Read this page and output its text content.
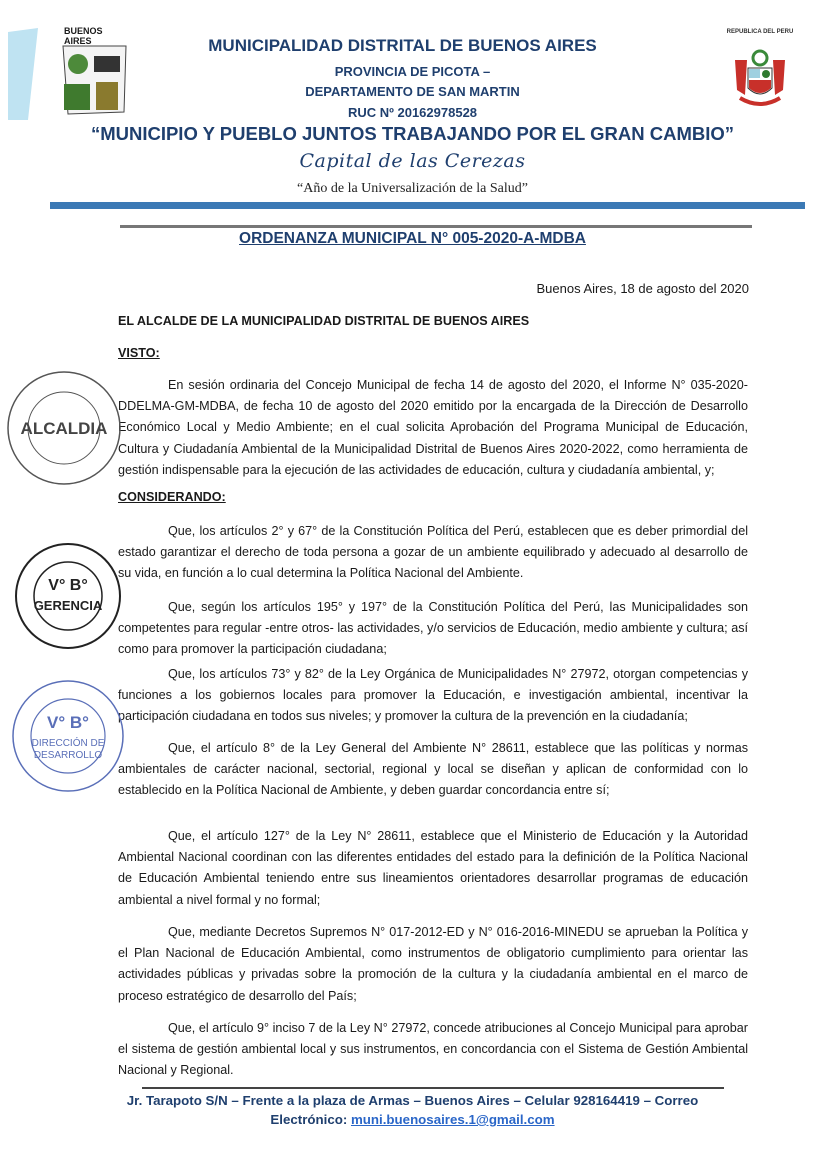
BUENOS AIRES
REPUBLICA DEL PERU
MUNICIPALIDAD DISTRITAL DE BUENOS AIRES
PROVINCIA DE PICOTA –
DEPARTAMENTO DE SAN MARTIN
RUC Nº 20162978528
“MUNICIPIO Y PUEBLO JUNTOS TRABAJANDO POR EL GRAN CAMBIO”
Capital de las Cerezas
“Año de la Universalización de la Salud”
ORDENANZA MUNICIPAL N° 005-2020-A-MDBA
Buenos Aires, 18 de agosto del 2020
EL ALCALDE DE LA MUNICIPALIDAD DISTRITAL DE BUENOS AIRES
VISTO:
En sesión ordinaria del Concejo Municipal de fecha 14 de agosto del 2020, el Informe N° 035-2020-DDELMA-GM-MDBA, de fecha 10 de agosto del 2020 emitido por la encargada de la Dirección de Desarrollo Económico Local y Medio Ambiente; en el cual solicita Aprobación del Programa Municipal de Educación, Cultura y Ciudadanía Ambiental de la Municipalidad Distrital de Buenos Aires 2020-2022, como herramienta de gestión indispensable para la ejecución de las actividades de educación, cultura y ciudadanía ambiental, y;
CONSIDERANDO:
Que, los artículos 2° y 67° de la Constitución Política del Perú, establecen que es deber primordial del estado garantizar el derecho de toda persona a gozar de un ambiente equilibrado y adecuado al desarrollo de su vida, en función a lo cual determina la Política Nacional del Ambiente.
Que, según los artículos 195° y 197° de la Constitución Política del Perú, las Municipalidades son competentes para regular -entre otros- las actividades, y/o servicios de Educación, medio ambiente y cultura; así como para promover la participación ciudadana;
Que, los artículos 73° y 82° de la Ley Orgánica de Municipalidades N° 27972, otorgan competencias y funciones a los gobiernos locales para promover la Educación, e investigación ambiental, incentivar la participación ciudadana en todos sus niveles; y promover la cultura de la prevención en la ciudadanía;
Que, el artículo 8° de la Ley General del Ambiente N° 28611, establece que las políticas y normas ambientales de carácter nacional, sectorial, regional y local se diseñan y aplican de conformidad con lo establecido en la Política Nacional de Ambiente, y deben guardar concordancia entre sí;
Que, el artículo 127° de la Ley N° 28611, establece que el Ministerio de Educación y la Autoridad Ambiental Nacional coordinan con las diferentes entidades del estado para la definición de la Política Nacional de Educación Ambiental teniendo entre sus lineamientos orientadores desarrollar programas de educación ambiental a nivel formal y no formal;
Que, mediante Decretos Supremos N° 017-2012-ED y N° 016-2016-MINEDU se aprueban la Política y el Plan Nacional de Educación Ambiental, como instrumentos de obligatorio cumplimiento para orientar las actividades públicas y privadas sobre la promoción de la cultura y la ciudadanía ambiental en el marco de proceso estratégico de desarrollo del País;
Que, el artículo 9° inciso 7 de la Ley N° 27972, concede atribuciones al Concejo Municipal para aprobar el sistema de gestión ambiental local y sus instrumentos, en concordancia con el Sistema de Gestión Ambiental Nacional y Regional.
ALCALDIA
V° B°
GERENCIA
V° B°
DIRECCIÓN DE
DESARROLLO
Jr. Tarapoto S/N – Frente a la plaza de Armas – Buenos Aires – Celular 928164419 – Correo
Electrónico: muni.buenosaires.1@gmail.com
